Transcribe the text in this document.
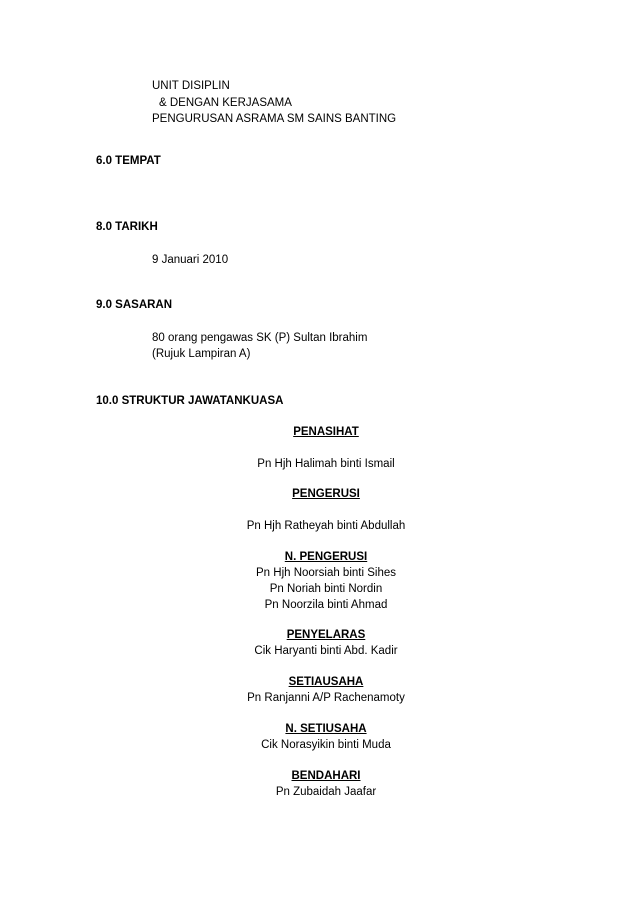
UNIT DISIPLIN
& DENGAN KERJASAMA
PENGURUSAN ASRAMA SM SAINS BANTING
6.0 TEMPAT
8.0 TARIKH
9 Januari 2010
9.0 SASARAN
80 orang pengawas SK (P) Sultan Ibrahim
(Rujuk Lampiran A)
10.0 STRUKTUR JAWATANKUASA
PENASIHAT
Pn Hjh Halimah binti Ismail
PENGERUSI
Pn Hjh Ratheyah binti Abdullah
N. PENGERUSI
Pn Hjh Noorsiah binti Sihes
Pn Noriah binti Nordin
Pn Noorzila binti Ahmad
PENYELARAS
Cik Haryanti binti Abd. Kadir
SETIAUSAHA
Pn Ranjanni A/P Rachenamoty
N. SETIUSAHA
Cik Norasyikin binti Muda
BENDAHARI
Pn Zubaidah Jaafar
